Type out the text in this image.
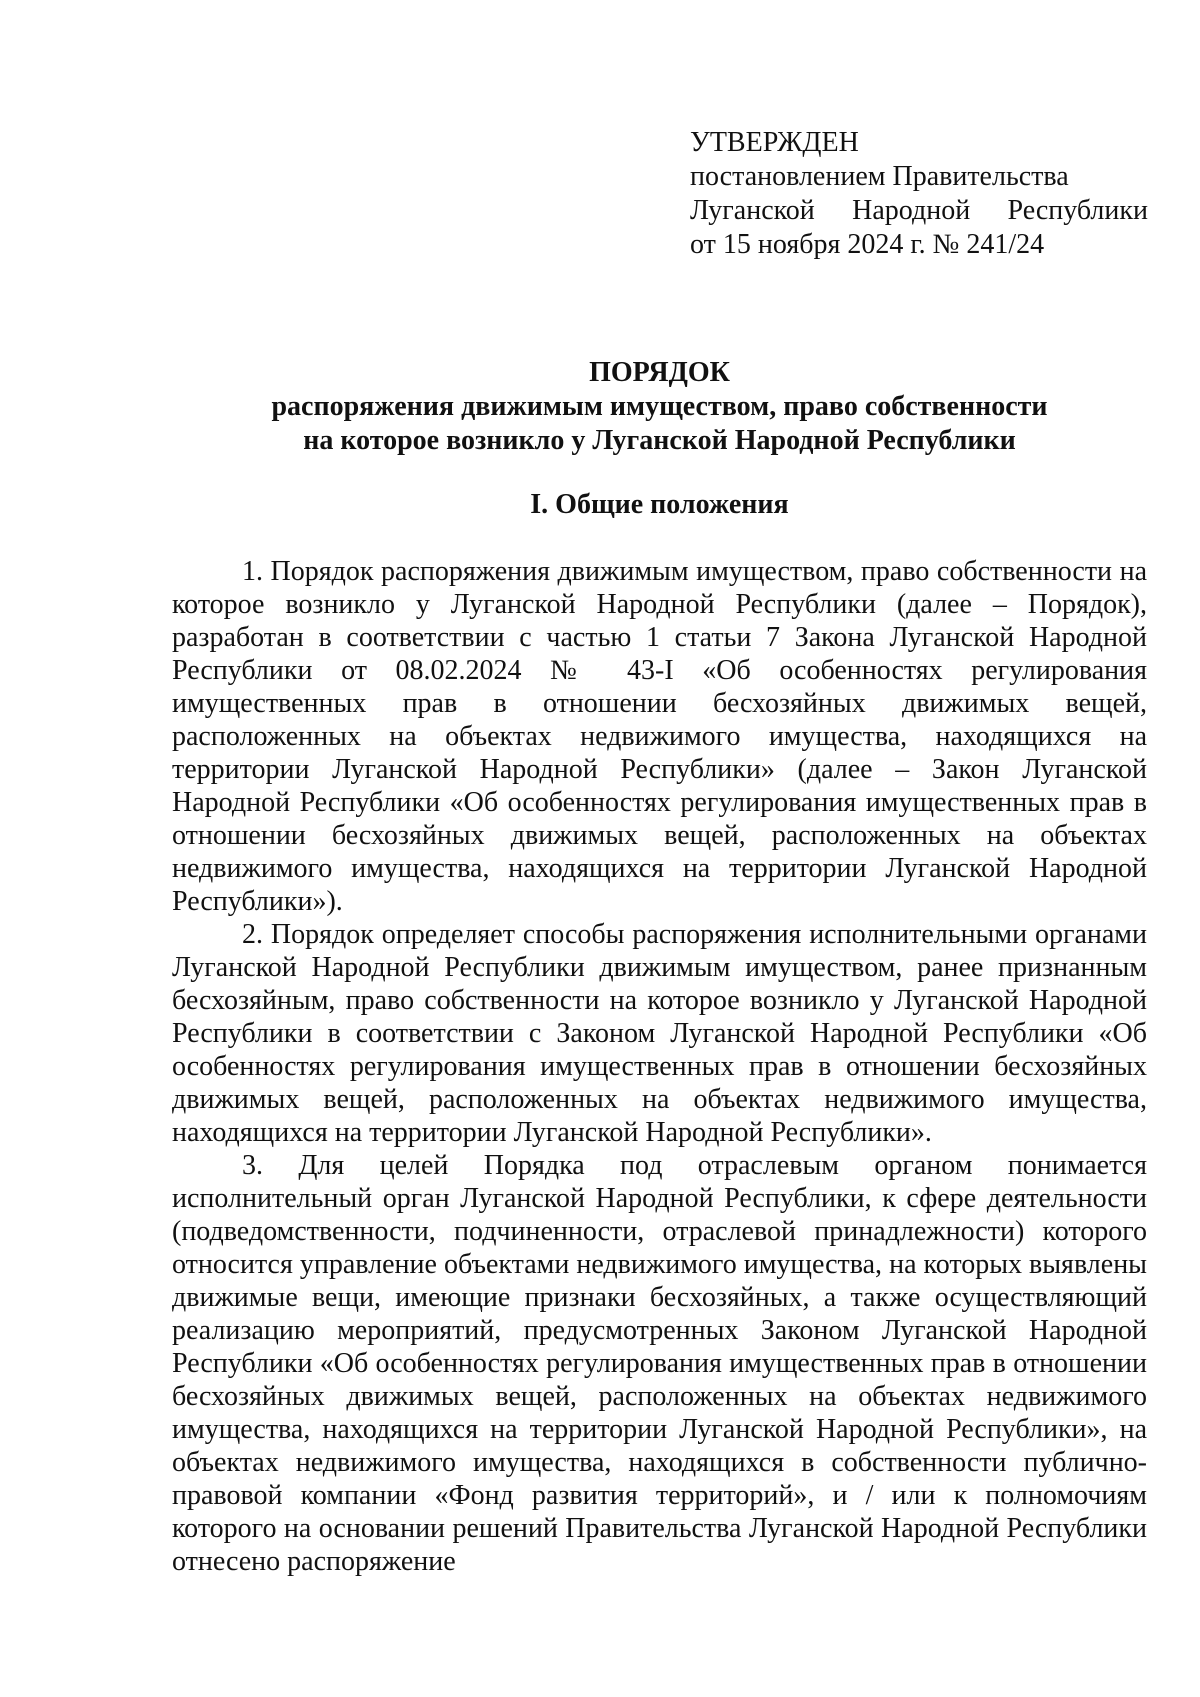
УТВЕРЖДЕН
постановлением Правительства
Луганской Народной Республики
от 15 ноября 2024 г. № 241/24
ПОРЯДОК
распоряжения движимым имуществом, право собственности
на которое возникло у Луганской Народной Республики
I. Общие положения

1. Порядок распоряжения движимым имуществом, право собственности на которое возникло у Луганской Народной Республики (далее – Порядок), разработан в соответствии с частью 1 статьи 7 Закона Луганской Народной Республики от 08.02.2024 № 43-I «Об особенностях регулирования имущественных прав в отношении бесхозяйных движимых вещей, расположенных на объектах недвижимого имущества, находящихся на территории Луганской Народной Республики» (далее – Закон Луганской Народной Республики «Об особенностях регулирования имущественных прав в отношении бесхозяйных движимых вещей, расположенных на объектах недвижимого имущества, находящихся на территории Луганской Народной Республики»).

2. Порядок определяет способы распоряжения исполнительными органами Луганской Народной Республики движимым имуществом, ранее признанным бесхозяйным, право собственности на которое возникло у Луганской Народной Республики в соответствии с Законом Луганской Народной Республики «Об особенностях регулирования имущественных прав в отношении бесхозяйных движимых вещей, расположенных на объектах недвижимого имущества, находящихся на территории Луганской Народной Республики».

3. Для целей Порядка под отраслевым органом понимается исполнительный орган Луганской Народной Республики, к сфере деятельности (подведомственности, подчиненности, отраслевой принадлежности) которого относится управление объектами недвижимого имущества, на которых выявлены движимые вещи, имеющие признаки бесхозяйных, а также осуществляющий реализацию мероприятий, предусмотренных Законом Луганской Народной Республики «Об особенностях регулирования имущественных прав в отношении бесхозяйных движимых вещей, расположенных на объектах недвижимого имущества, находящихся на территории Луганской Народной Республики», на объектах недвижимого имущества, находящихся в собственности публично-правовой компании «Фонд развития территорий», и / или к полномочиям которого на основании решений Правительства Луганской Народной Республики отнесено распоряжение
